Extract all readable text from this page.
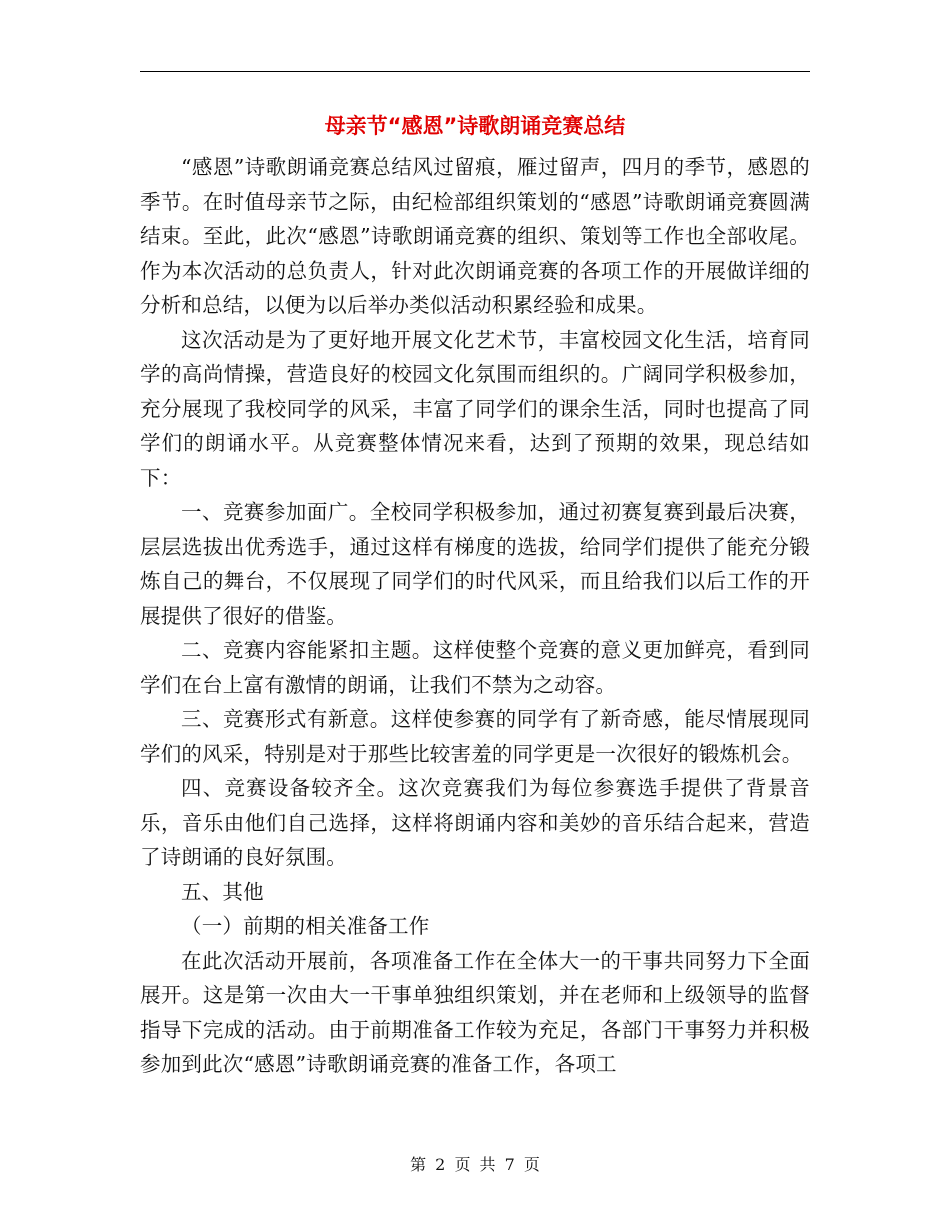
母亲节“感恩”诗歌朗诵竞赛总结

“感恩”诗歌朗诵竞赛总结风过留痕，雁过留声，四月的季节，感恩的季节。在时值母亲节之际，由纪检部组织策划的“感恩”诗歌朗诵竞赛圆满结束。至此，此次“感恩”诗歌朗诵竞赛的组织、策划等工作也全部收尾。作为本次活动的总负责人，针对此次朗诵竞赛的各项工作的开展做详细的分析和总结，以便为以后举办类似活动积累经验和成果。

这次活动是为了更好地开展文化艺术节，丰富校园文化生活，培育同学的高尚情操，营造良好的校园文化氛围而组织的。广阔同学积极参加，充分展现了我校同学的风采，丰富了同学们的课余生活，同时也提高了同学们的朗诵水平。从竞赛整体情况来看，达到了预期的效果，现总结如下：

一、竞赛参加面广。全校同学积极参加，通过初赛复赛到最后决赛，层层选拔出优秀选手，通过这样有梯度的选拔，给同学们提供了能充分锻炼自己的舞台，不仅展现了同学们的时代风采，而且给我们以后工作的开展提供了很好的借鉴。

二、竞赛内容能紧扣主题。这样使整个竞赛的意义更加鲜亮，看到同学们在台上富有激情的朗诵，让我们不禁为之动容。

三、竞赛形式有新意。这样使参赛的同学有了新奇感，能尽情展现同学们的风采，特别是对于那些比较害羞的同学更是一次很好的锻炼机会。

四、竞赛设备较齐全。这次竞赛我们为每位参赛选手提供了背景音乐，音乐由他们自己选择，这样将朗诵内容和美妙的音乐结合起来，营造了诗朗诵的良好氛围。

五、其他

（一）前期的相关准备工作

在此次活动开展前，各项准备工作在全体大一的干事共同努力下全面展开。这是第一次由大一干事单独组织策划，并在老师和上级领导的监督指导下完成的活动。由于前期准备工作较为充足，各部门干事努力并积极参加到此次“感恩”诗歌朗诵竞赛的准备工作，各项工

第 2 页 共 7 页
